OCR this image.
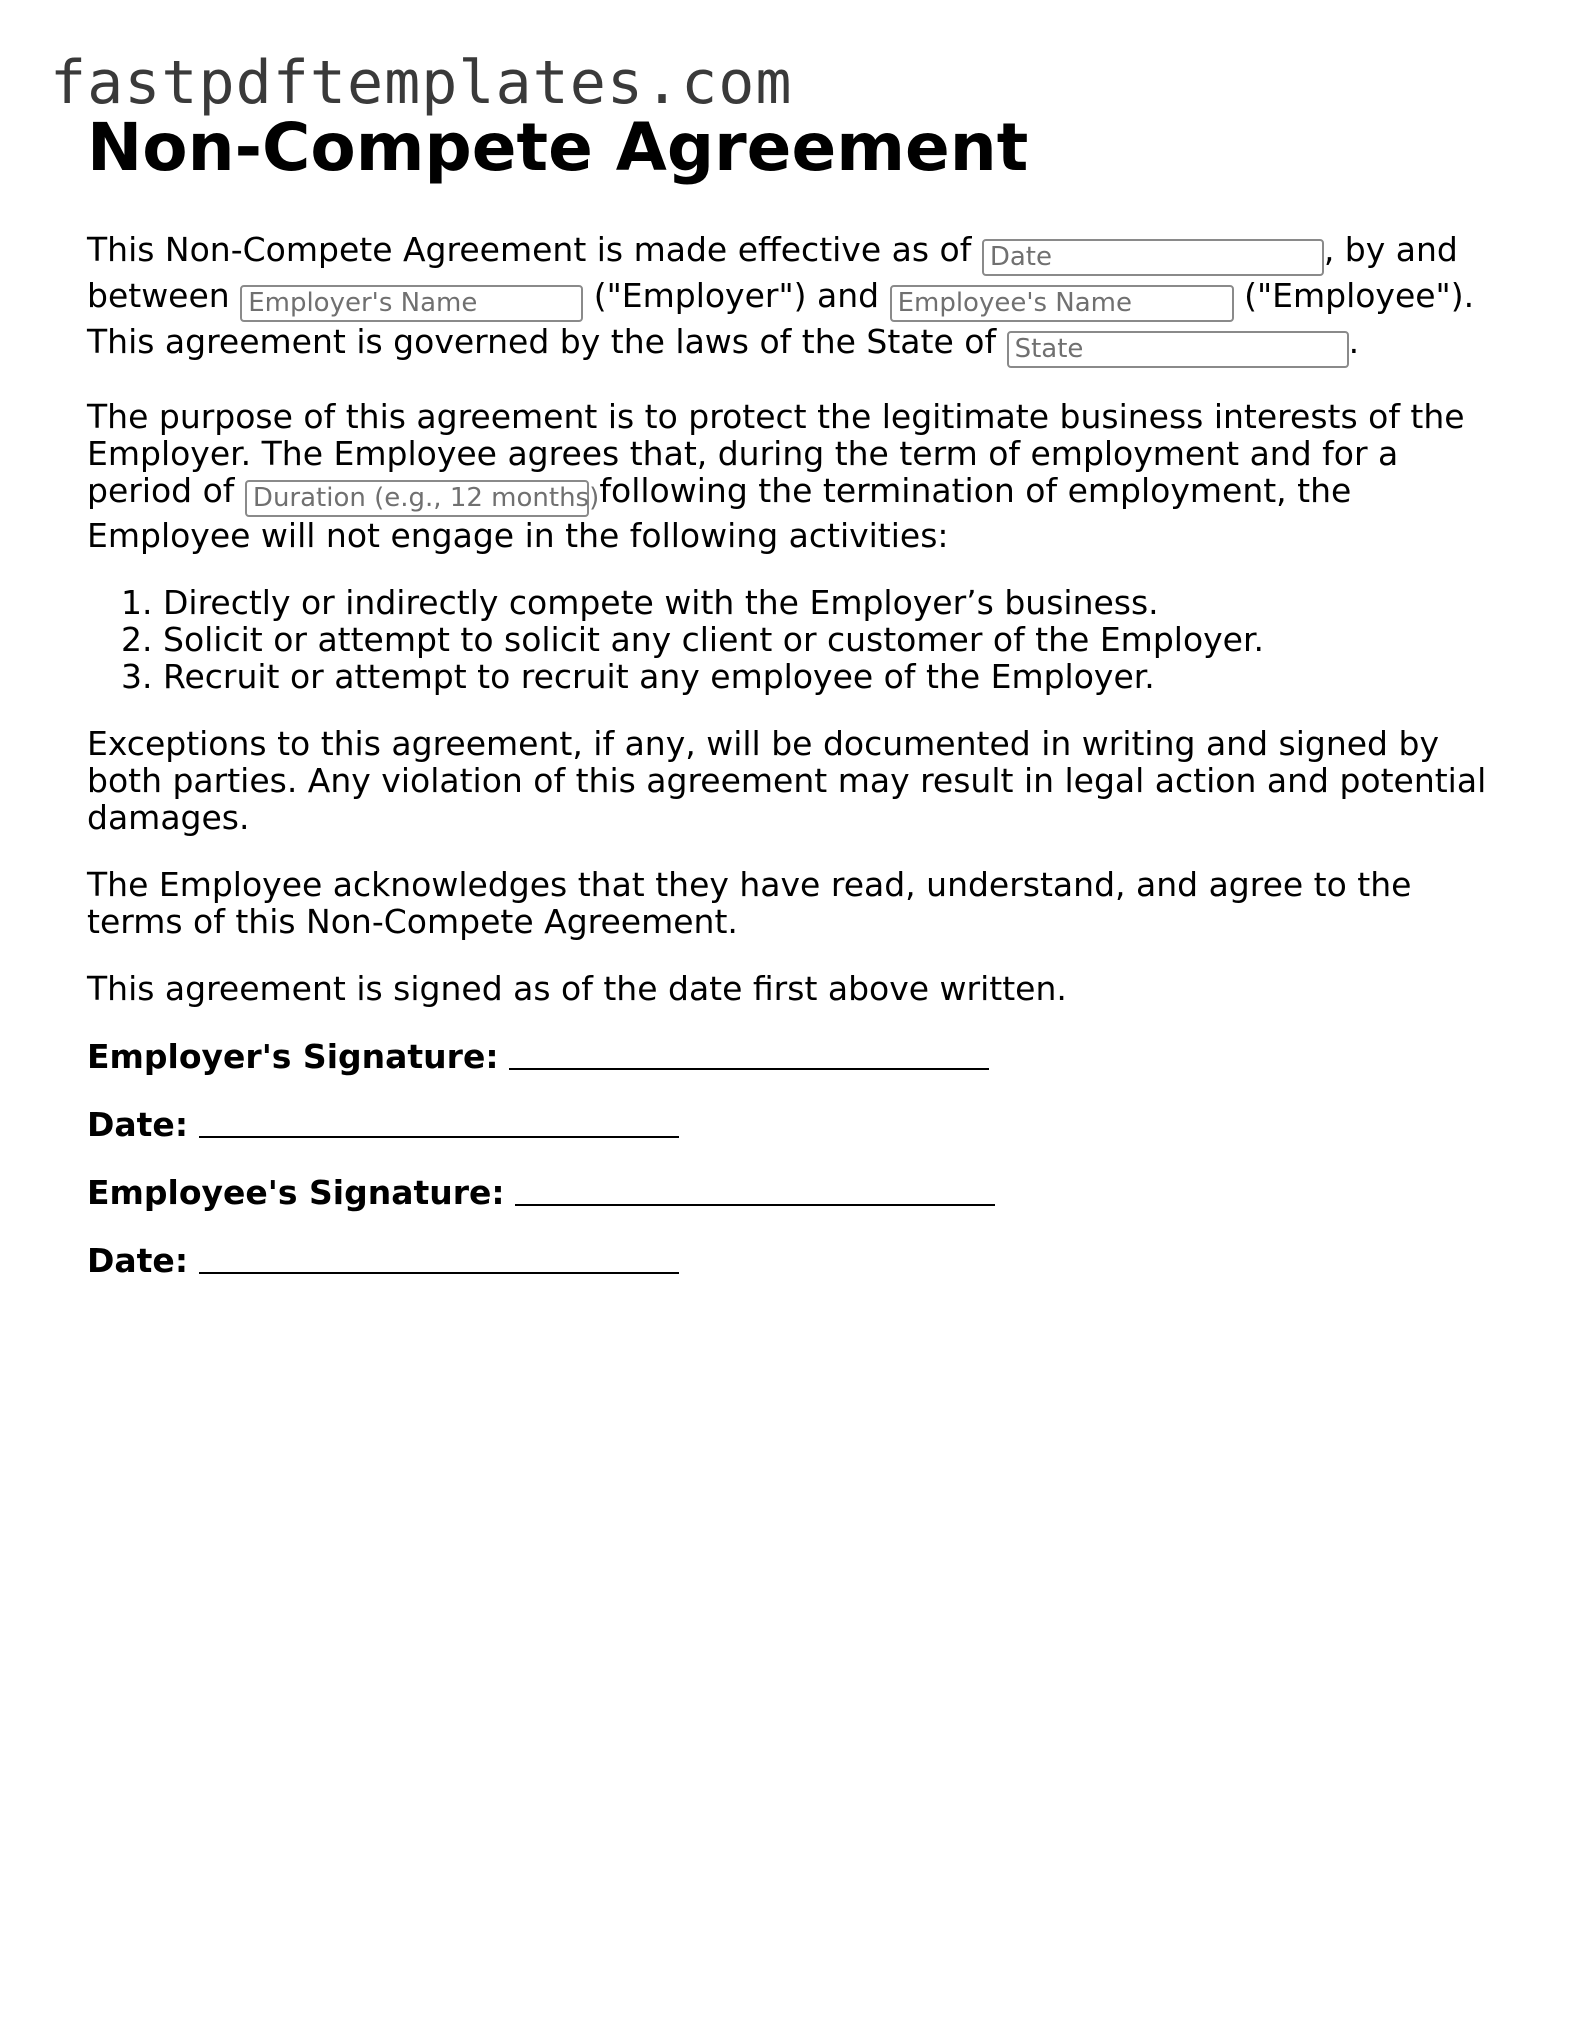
fastpdftemplates.com
Non-Compete Agreement
This Non-Compete Agreement is made effective as of Date	, by and between Employer's Name	("Employer") and Employee's Name	("Employee"). This agreement is governed by the laws of the State of State	.
The purpose of this agreement is to protect the legitimate business interests of the Employer. The Employee agrees that, during the term of employment and for a period of Duration (e.g., 12 months) following the termination of employment, the Employee will not engage in the following activities:
1. Directly or indirectly compete with the Employer’s business.
2. Solicit or attempt to solicit any client or customer of the Employer.
3. Recruit or attempt to recruit any employee of the Employer.
Exceptions to this agreement, if any, will be documented in writing and signed by both parties. Any violation of this agreement may result in legal action and potential damages.
The Employee acknowledges that they have read, understand, and agree to the terms of this Non-Compete Agreement.
This agreement is signed as of the date first above written.
Employer's Signature:
Date:
Employee's Signature:
Date:
